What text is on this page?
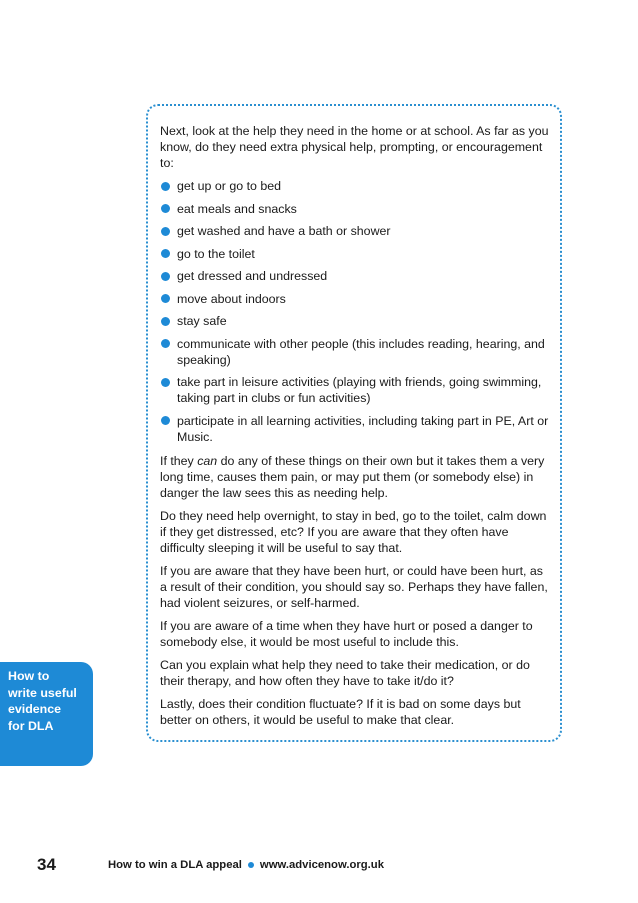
Next, look at the help they need in the home or at school. As far as you know, do they need extra physical help, prompting, or encouragement to:

get up or go to bed
eat meals and snacks
get washed and have a bath or shower
go to the toilet
get dressed and undressed
move about indoors
stay safe
communicate with other people (this includes reading, hearing, and speaking)
take part in leisure activities (playing with friends, going swimming, taking part in clubs or fun activities)
participate in all learning activities, including taking part in PE, Art or Music.

If they can do any of these things on their own but it takes them a very long time, causes them pain, or may put them (or somebody else) in danger the law sees this as needing help.

Do they need help overnight, to stay in bed, go to the toilet, calm down if they get distressed, etc? If you are aware that they often have difficulty sleeping it will be useful to say that.

If you are aware that they have been hurt, or could have been hurt, as a result of their condition, you should say so. Perhaps they have fallen, had violent seizures, or self-harmed.

If you are aware of a time when they have hurt or posed a danger to somebody else, it would be most useful to include this.

Can you explain what help they need to take their medication, or do their therapy, and how often they have to take it/do it?

Lastly, does their condition fluctuate? If it is bad on some days but better on others, it would be useful to make that clear.

How to
write useful
evidence
for DLA
34	How to win a DLA appeal www.advicenow.org.uk
